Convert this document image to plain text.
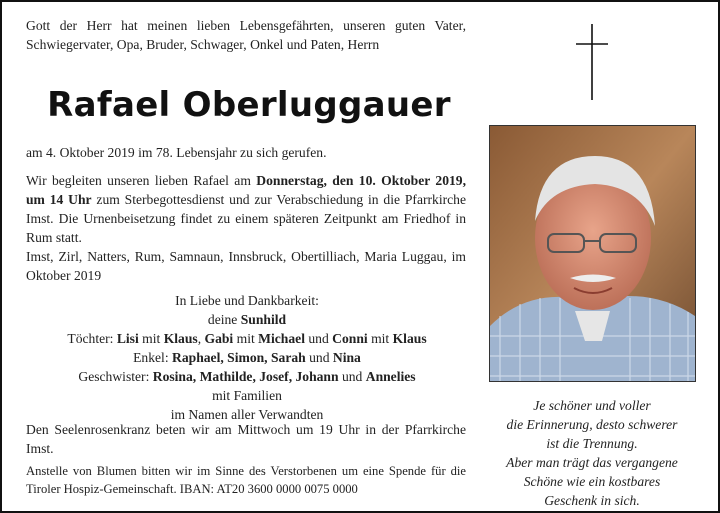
Gott der Herr hat meinen lieben Lebensgefährten, unseren guten Vater, Schwiegervater, Opa, Bruder, Schwager, Onkel und Paten, Herrn
Rafael Oberluggauer
am 4. Oktober 2019 im 78. Lebensjahr zu sich gerufen.
Wir begleiten unseren lieben Rafael am Donnerstag, den 10. Oktober 2019, um 14 Uhr zum Sterbegottesdienst und zur Verabschiedung in die Pfarrkirche Imst. Die Urnenbeisetzung findet zu einem späteren Zeitpunkt am Friedhof in Rum statt.
Imst, Zirl, Natters, Rum, Samnaun, Innsbruck, Obertilliach, Maria Luggau, im Oktober 2019
In Liebe und Dankbarkeit:
deine Sunhild
Töchter: Lisi mit Klaus, Gabi mit Michael und Conni mit Klaus
Enkel: Raphael, Simon, Sarah und Nina
Geschwister: Rosina, Mathilde, Josef, Johann und Annelies
mit Familien
im Namen aller Verwandten
Den Seelenrosenkranz beten wir am Mittwoch um 19 Uhr in der Pfarrkirche Imst.
Anstelle von Blumen bitten wir im Sinne des Verstorbenen um eine Spende für die Tiroler Hospiz-Gemeinschaft. IBAN: AT20 3600 0000 0075 0000
Je schöner und voller
die Erinnerung, desto schwerer
ist die Trennung.
Aber man trägt das vergangene
Schöne wie ein kostbares
Geschenk in sich.
